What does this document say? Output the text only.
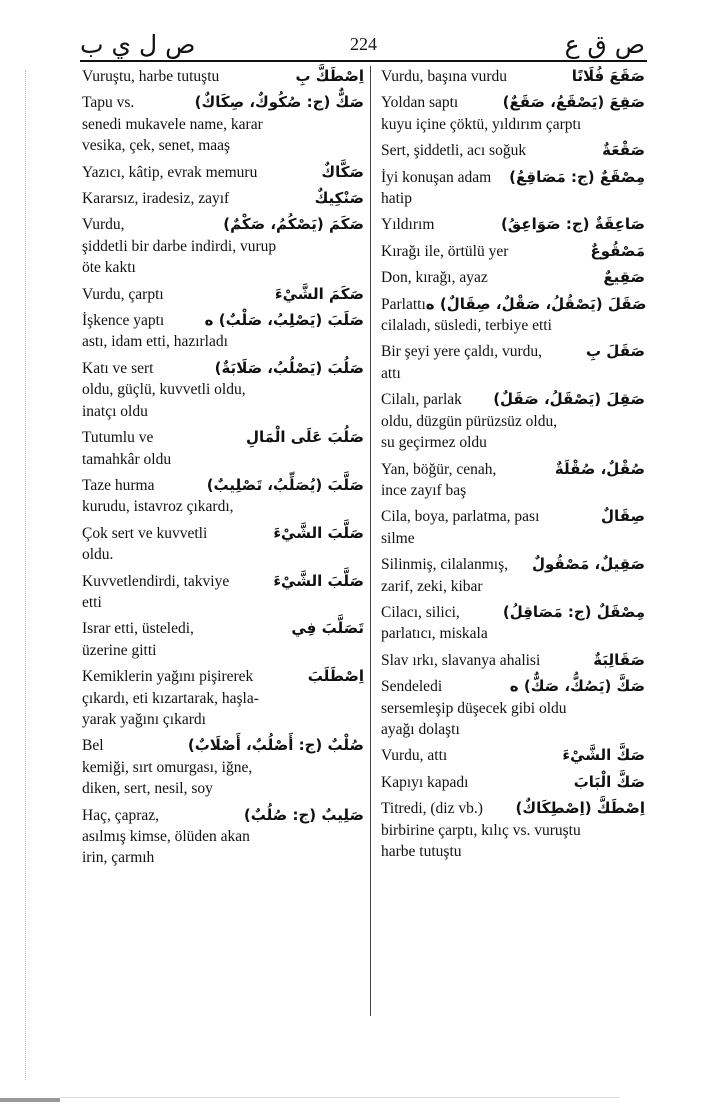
ص ل ي ب	224	ص ق ع
Vuruştu, harbe tutuştu	اِصْطَكَّ بِ
Tapu vs.	صَكٌّ (ج: صُكُوكٌ، صِكَاكٌ)
senedi mukavele name, karar
vesika, çek, senet, maaş
Yazıcı, kâtip, evrak memuru	صَكَّاكٌ
Kararsız, iradesiz, zayıf	صَنْكِيكٌ
Vurdu,	صَكَمَ (يَصْكُمُ، صَكْمٌ)
şiddetli bir darbe indirdi, vurup
öte kaktı
Vurdu, çarptı	صَكَمَ الشَّيْءَ
İşkence yaptı	صَلَبَ (يَصْلِبُ، صَلْبٌ) ه
astı, idam etti, hazırladı
Katı ve sert	صَلُبَ (يَصْلُبُ، صَلَابَةٌ)
oldu, güçlü, kuvvetli oldu,
inatçı oldu
Tutumlu ve	صَلُبَ عَلَى الْمَالِ
tamahkâr oldu
Taze hurma	صَلَّبَ (يُصَلِّبُ، تَصْلِيبٌ)
kurudu, istavroz çıkardı,
Çok sert ve kuvvetli	صَلَّبَ الشَّيْءَ
oldu.
Kuvvetlendirdi, takviye	صَلَّبَ الشَّيْءَ
etti
Israr etti, üsteledi,	تَصَلَّبَ فِي
üzerine gitti
Kemiklerin yağını pişirerek	اِصْطَلَبَ
çıkardı, eti kızartarak, haşla-
yarak yağını çıkardı
Bel	صُلْبٌ (ج: أَصْلُبٌ، أَصْلَابٌ)
kemiği, sırt omurgası, iğne,
diken, sert, nesil, soy
Haç, çapraz,	صَلِيبٌ (ج: صُلُبٌ)
asılmış kimse, ölüden akan
irin, çarmıh
Vurdu, başına vurdu	صَقَعَ فُلَانًا
Yoldan saptı	صَقِعَ (يَصْقَعُ، صَقَعٌ)
kuyu içine çöktü, yıldırım çarptı
Sert, şiddetli, acı soğuk	صَقْعَةٌ
İyi konuşan adam مِصْقَعٌ (ج: مَصَاقِعُ)
hatip
Yıldırım	صَاعِقَةٌ (ج: صَوَاعِقُ)
Kırağı ile, örtülü yer	مَصْقُوعٌ
Don, kırağı, ayaz	صَقِيعٌ
Parlattı صَقَلَ (يَصْقُلُ، صَقْلٌ، صِقَالٌ) ه
cilaladı, süsledi, terbiye etti
Bir şeyi yere çaldı, vurdu,	صَقَلَ بِ
attı
Cilalı, parlak صَقِلَ (يَصْقَلُ، صَقَلٌ)
oldu, düzgün pürüzsüz oldu,
su geçirmez oldu
Yan, böğür, cenah,	صُقْلٌ، صُقْلَةٌ
ince zayıf baş
Cila, boya, parlatma, pası	صِقَالٌ
silme
Silinmiş, cilalanmış, صَقِيلٌ، مَصْقُولٌ
zarif, zeki, kibar
Cilacı, silici,	مِصْقَلٌ (ج: مَصَاقِلُ)
parlatıcı, miskala
Slav ırkı, slavanya ahalisi	صَقَالِبَةٌ
Sendeledi	صَكَّ (يَصُكُّ، صَكٌّ) ه
sersemleşip düşecek gibi oldu
ayağı dolaştı
Vurdu, attı	صَكَّ الشَّيْءَ
Kapıyı kapadı	صَكَّ الْبَابَ
Titredi, (diz vb.) اِصْطَكَّ (اِصْطِكَاكٌ)
birbirine çarptı, kılıç vs. vuruştu
harbe tutuştu
